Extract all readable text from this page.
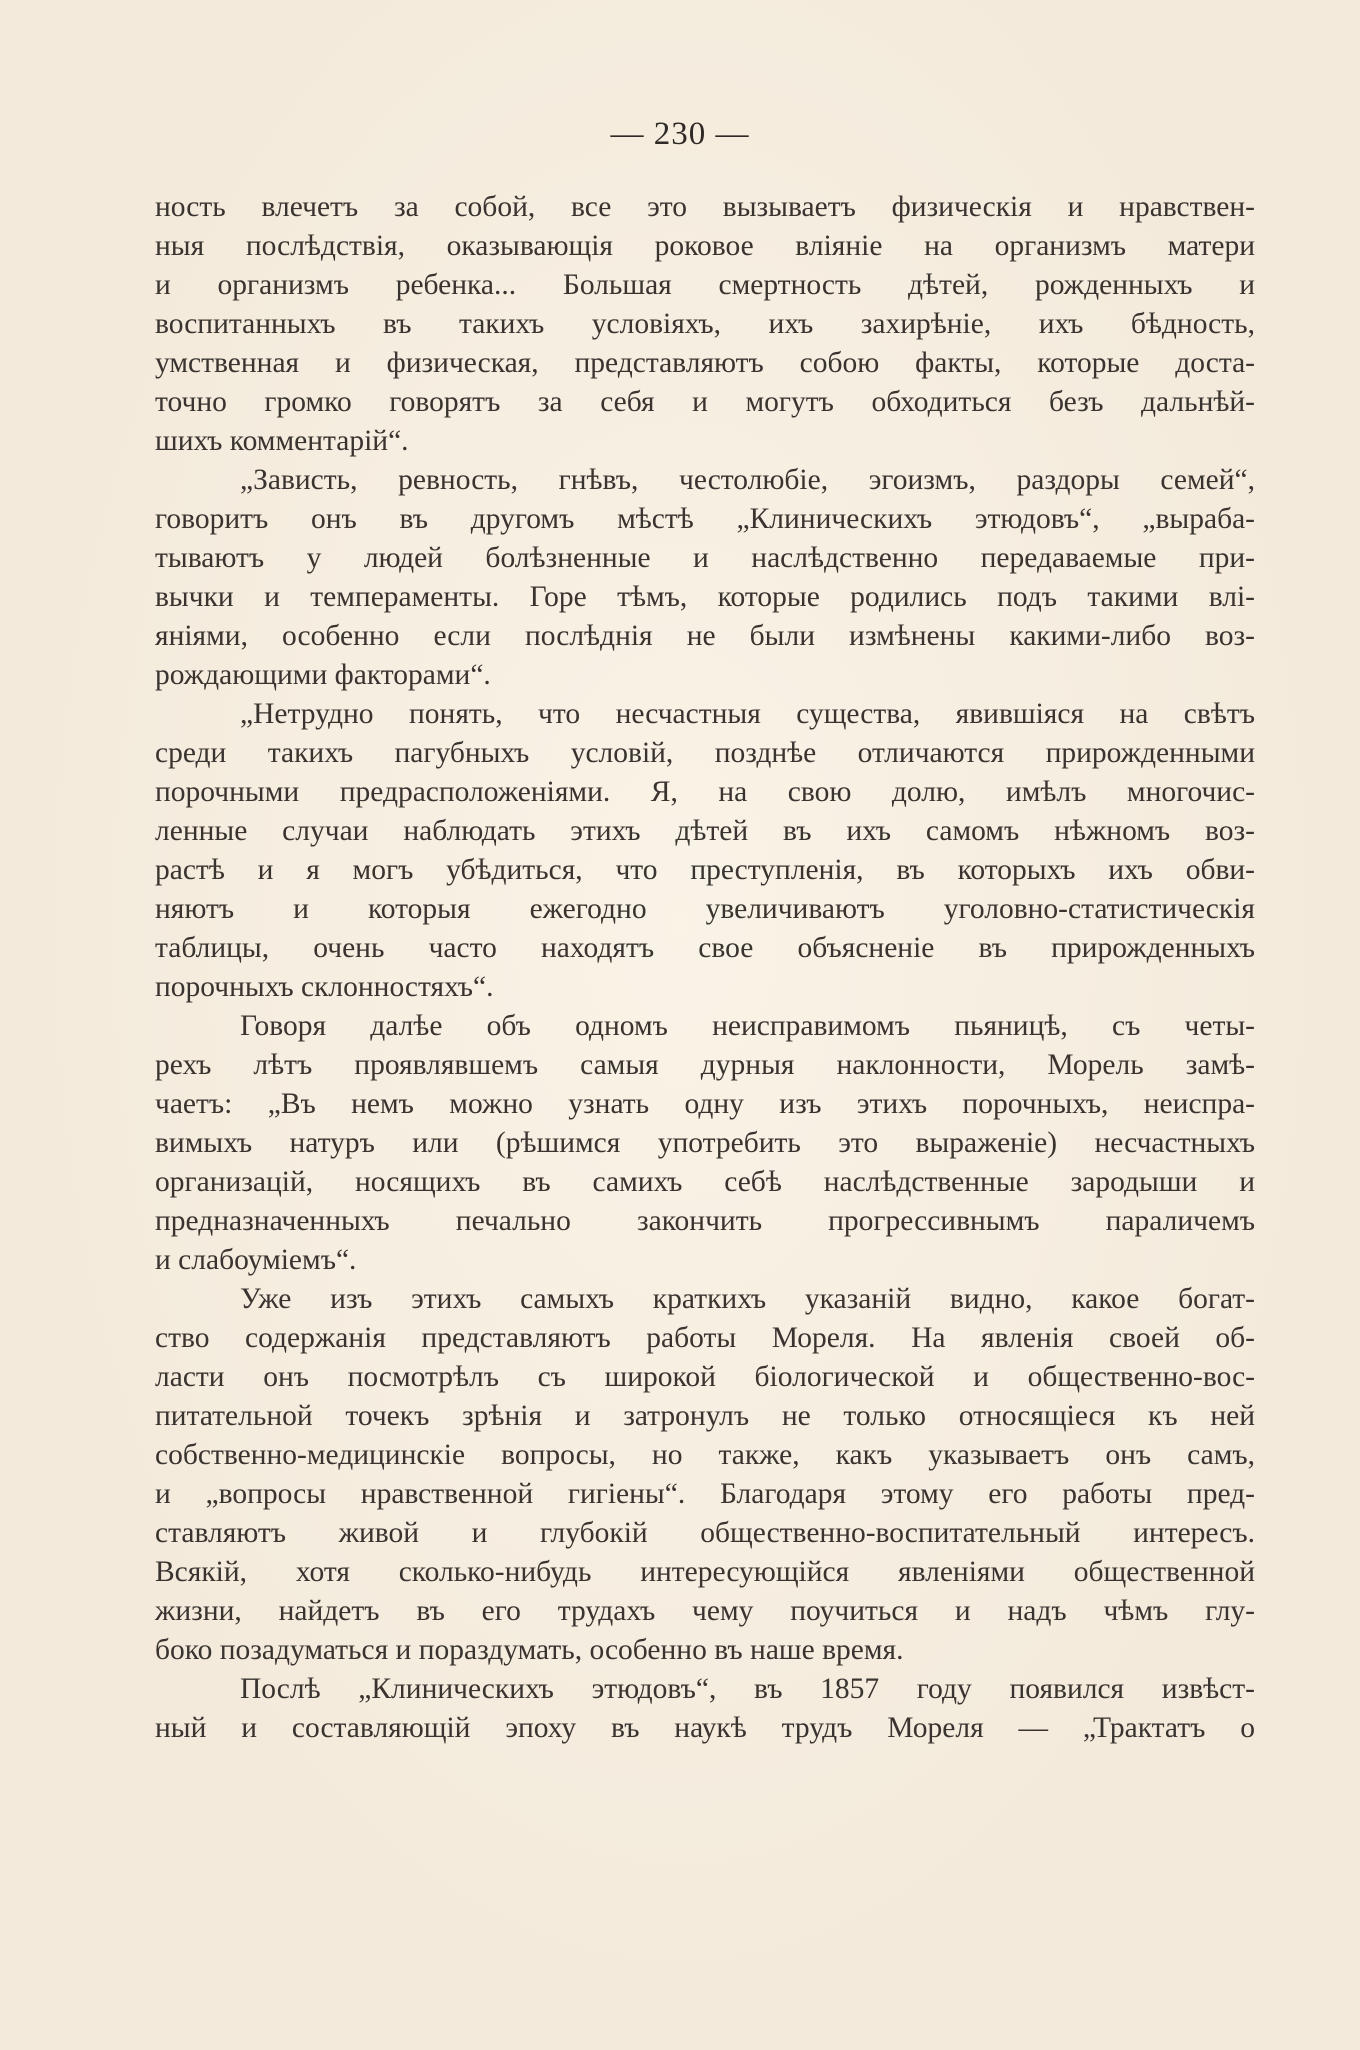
— 230 —
ность влечетъ за собой, все это вызываетъ физическія и нравствен-
ныя послѣдствія, оказывающія роковое вліяніе на организмъ матери
и организмъ ребенка... Большая смертность дѣтей, рожденныхъ и
воспитанныхъ въ такихъ условіяхъ, ихъ захирѣніе, ихъ бѣдность,
умственная и физическая, представляютъ собою факты, которые доста-
точно громко говорятъ за себя и могутъ обходиться безъ дальнѣй-
шихъ комментарій“.
„Зависть, ревность, гнѣвъ, честолюбіе, эгоизмъ, раздоры семей“,
говоритъ онъ въ другомъ мѣстѣ „Клиническихъ этюдовъ“, „выраба-
тываютъ у людей болѣзненные и наслѣдственно передаваемые при-
вычки и темпераменты. Горе тѣмъ, которые родились подъ такими влі-
яніями, особенно если послѣднія не были измѣнены какими-либо воз-
рождающими факторами“.
„Нетрудно понять, что несчастныя существа, явившіяся на свѣтъ
среди такихъ пагубныхъ условій, позднѣе отличаются прирожденными
порочными предрасположеніями. Я, на свою долю, имѣлъ многочис-
ленные случаи наблюдать этихъ дѣтей въ ихъ самомъ нѣжномъ воз-
растѣ и я могъ убѣдиться, что преступленія, въ которыхъ ихъ обви-
няютъ и которыя ежегодно увеличиваютъ уголовно-статистическія
таблицы, очень часто находятъ свое объясненіе въ прирожденныхъ
порочныхъ склонностяхъ“.
Говоря далѣе объ одномъ неисправимомъ пьяницѣ, съ четы-
рехъ лѣтъ проявлявшемъ самыя дурныя наклонности, Морель замѣ-
чаетъ: „Въ немъ можно узнать одну изъ этихъ порочныхъ, неиспра-
вимыхъ натуръ или (рѣшимся употребить это выраженіе) несчастныхъ
организацій, носящихъ въ самихъ себѣ наслѣдственные зародыши и
предназначенныхъ печально закончить прогрессивнымъ параличемъ
и слабоуміемъ“.
Уже изъ этихъ самыхъ краткихъ указаній видно, какое богат-
ство содержанія представляютъ работы Мореля. На явленія своей об-
ласти онъ посмотрѣлъ съ широкой біологической и общественно-вос-
питательной точекъ зрѣнія и затронулъ не только относящіеся къ ней
собственно-медицинскіе вопросы, но также, какъ указываетъ онъ самъ,
и „вопросы нравственной гигіены“. Благодаря этому его работы пред-
ставляютъ живой и глубокій общественно-воспитательный интересъ.
Всякій, хотя сколько-нибудь интересующійся явленіями общественной
жизни, найдетъ въ его трудахъ чему поучиться и надъ чѣмъ глу-
боко позадуматься и пораздумать, особенно въ наше время.
Послѣ „Клиническихъ этюдовъ“, въ 1857 году появился извѣст-
ный и составляющій эпоху въ наукѣ трудъ Мореля — „Трактатъ о
